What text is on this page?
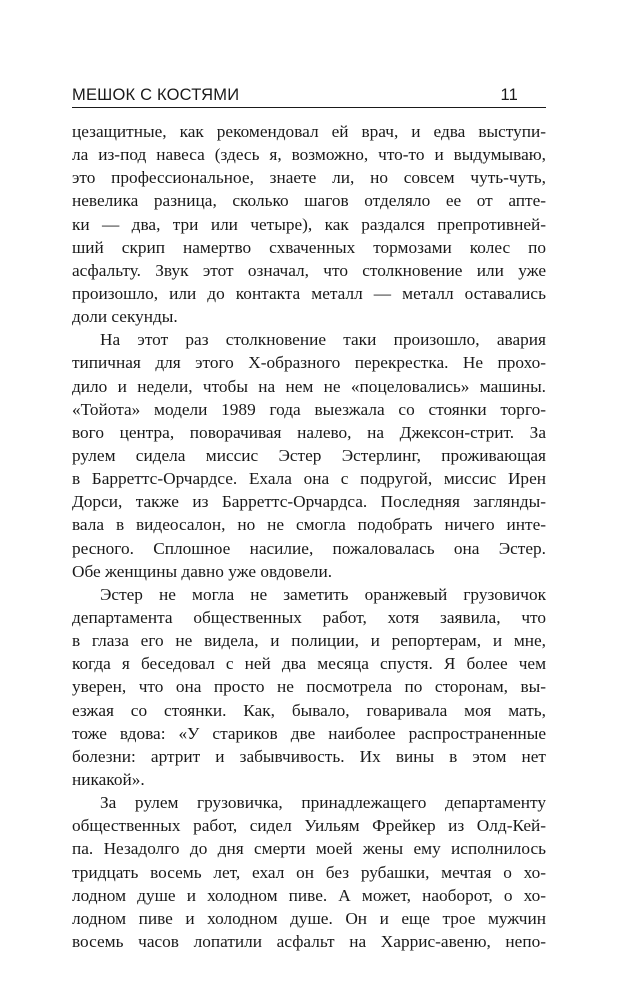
МЕШОК С КОСТЯМИ	11
цезащитные, как рекомендовал ей врач, и едва выступи-
ла из-под навеса (здесь я, возможно, что-то и выдумываю,
это профессиональное, знаете ли, но совсем чуть-чуть,
невелика разница, сколько шагов отделяло ее от апте-
ки — два, три или четыре), как раздался препротивней-
ший скрип намертво схваченных тормозами колес по
асфальту. Звук этот означал, что столкновение или уже
произошло, или до контакта металл — металл оставались
доли секунды.
На этот раз столкновение таки произошло, авария
типичная для этого Х-образного перекрестка. Не прохо-
дило и недели, чтобы на нем не «поцеловались» машины.
«Тойота» модели 1989 года выезжала со стоянки торго-
вого центра, поворачивая налево, на Джексон-стрит. За
рулем сидела миссис Эстер Эстерлинг, проживающая
в Барреттс-Орчардсе. Ехала она с подругой, миссис Ирен
Дорси, также из Барреттс-Орчардса. Последняя заглянды-
вала в видеосалон, но не смогла подобрать ничего инте-
ресного. Сплошное насилие, пожаловалась она Эстер.
Обе женщины давно уже овдовели.
Эстер не могла не заметить оранжевый грузовичок
департамента общественных работ, хотя заявила, что
в глаза его не видела, и полиции, и репортерам, и мне,
когда я беседовал с ней два месяца спустя. Я более чем
уверен, что она просто не посмотрела по сторонам, вы-
езжая со стоянки. Как, бывало, говаривала моя мать,
тоже вдова: «У стариков две наиболее распространенные
болезни: артрит и забывчивость. Их вины в этом нет
никакой».
За рулем грузовичка, принадлежащего департаменту
общественных работ, сидел Уильям Фрейкер из Олд-Кей-
па. Незадолго до дня смерти моей жены ему исполнилось
тридцать восемь лет, ехал он без рубашки, мечтая о хо-
лодном душе и холодном пиве. А может, наоборот, о хо-
лодном пиве и холодном душе. Он и еще трое мужчин
восемь часов лопатили асфальт на Харрис-авеню, непо-
